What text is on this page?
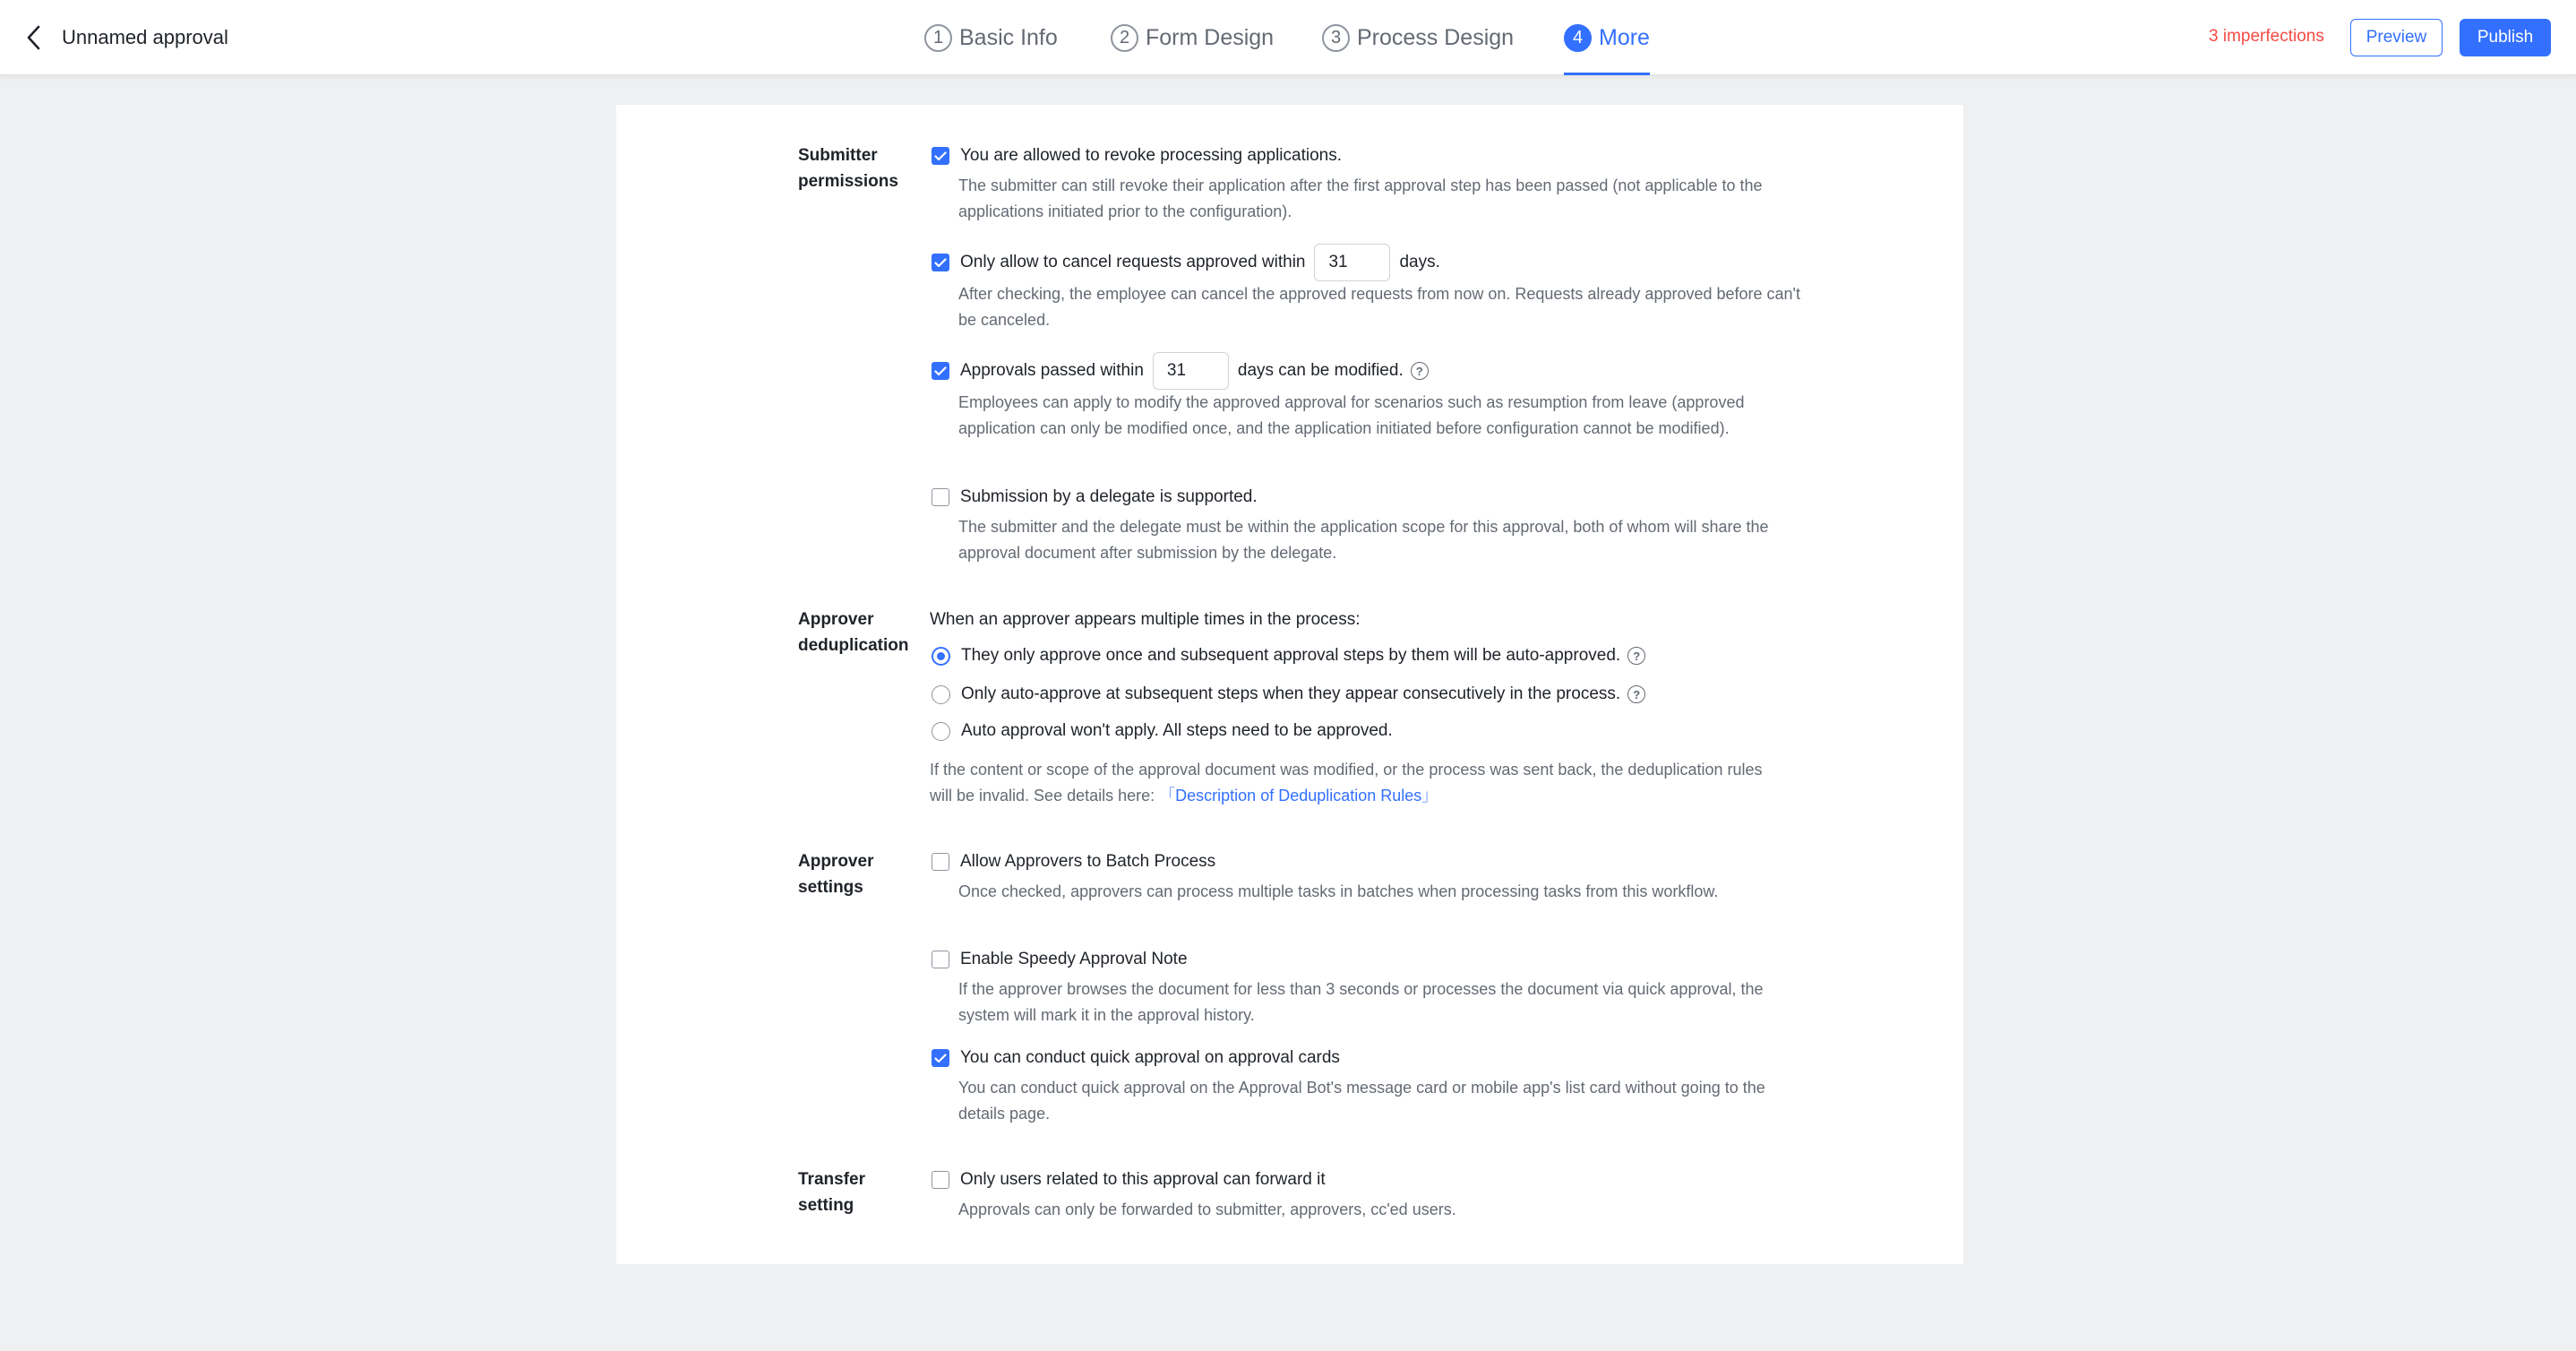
Unnamed approval	1 Basic Info	2 Form Design	3 Process Design	4 More	3 imperfections	Preview	Publish
Submitter permissions
You are allowed to revoke processing applications.
The submitter can still revoke their application after the first approval step has been passed (not applicable to the applications initiated prior to the configuration).
Only allow to cancel requests approved within
31	days.
After checking, the employee can cancel the approved requests from now on. Requests already approved before can't be canceled.
Approvals passed within
31	days can be modified.	?
Employees can apply to modify the approved approval for scenarios such as resumption from leave (approved application can only be modified once, and the application initiated before configuration cannot be modified).
Submission by a delegate is supported.
The submitter and the delegate must be within the application scope for this approval, both of whom will share the approval document after submission by the delegate.
Approver deduplication
When an approver appears multiple times in the process:
They only approve once and subsequent approval steps by them will be auto-approved.	?
Only auto-approve at subsequent steps when they appear consecutively in the process.	?
Auto approval won't apply. All steps need to be approved.
If the content or scope of the approval document was modified, or the process was sent back, the deduplication rules will be invalid. See details here: 「Description of Deduplication Rules」
Approver settings
Allow Approvers to Batch Process
Once checked, approvers can process multiple tasks in batches when processing tasks from this workflow.
Enable Speedy Approval Note
If the approver browses the document for less than 3 seconds or processes the document via quick approval, the system will mark it in the approval history.
You can conduct quick approval on approval cards
You can conduct quick approval on the Approval Bot's message card or mobile app's list card without going to the details page.
Transfer setting
Only users related to this approval can forward it
Approvals can only be forwarded to submitter, approvers, cc'ed users.
